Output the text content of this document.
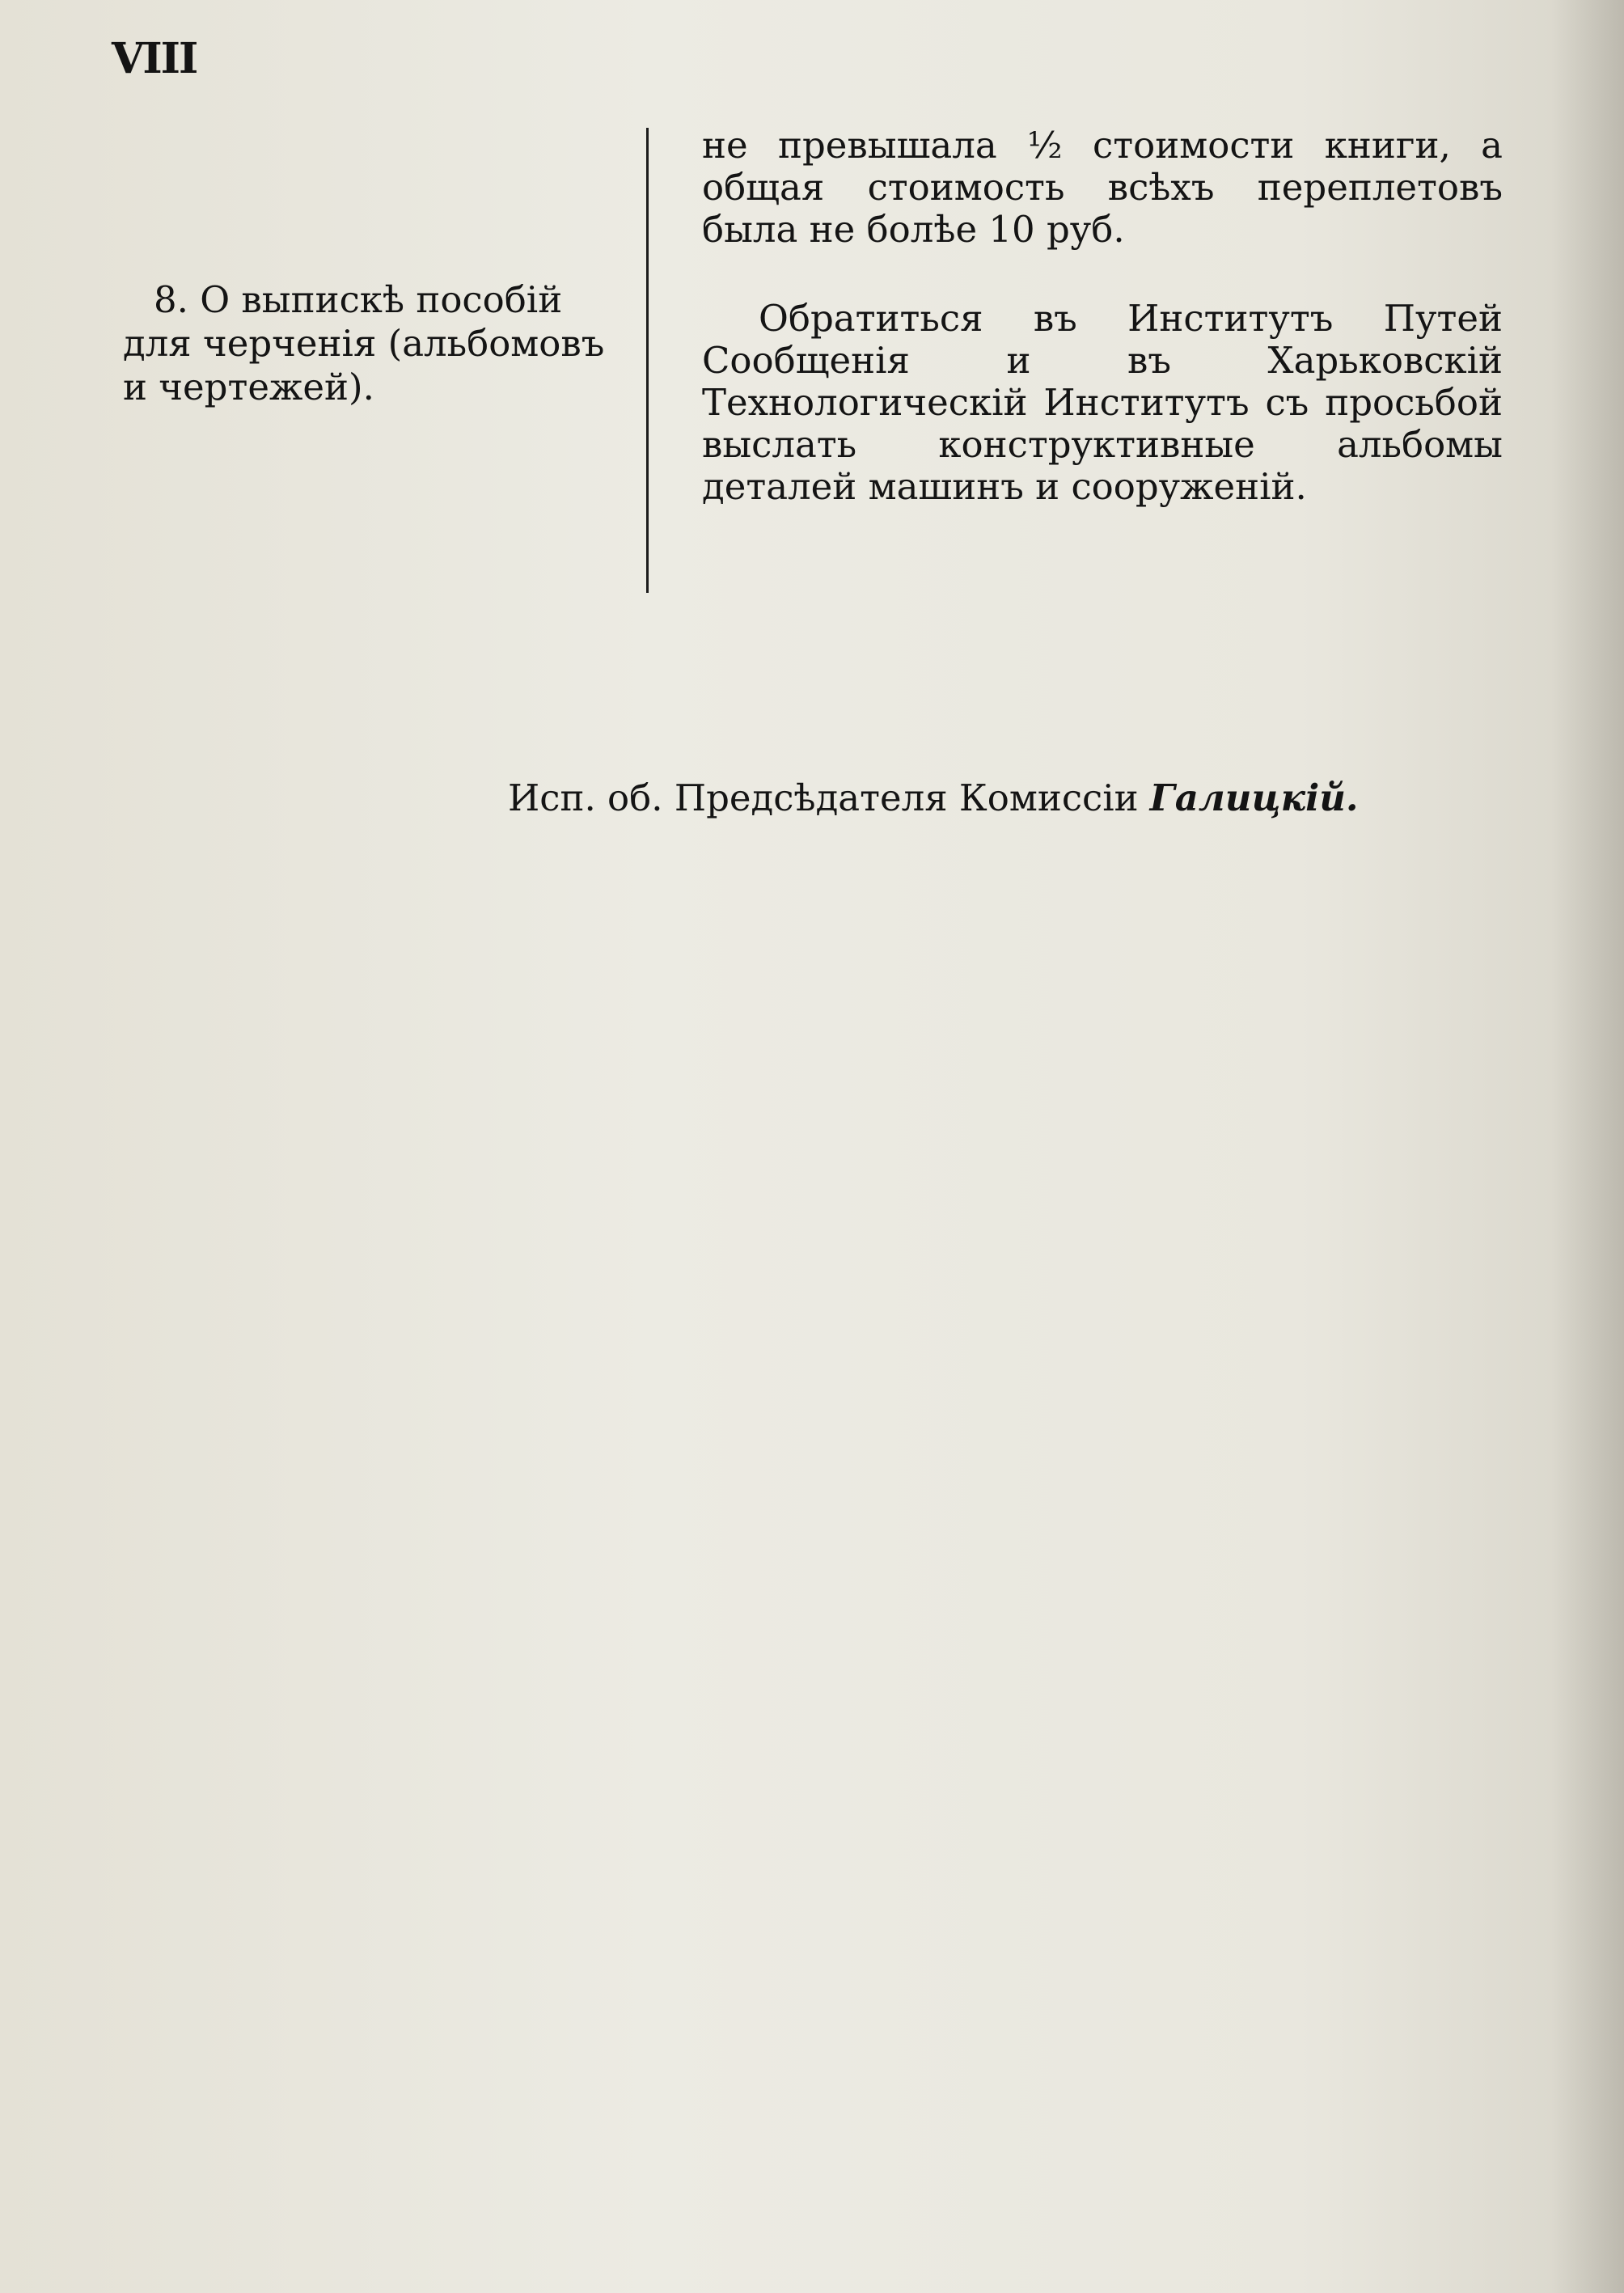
VIII

8. О выпискѣ пособій для черченія (альбомовъ и чертежей).

не превышала ½ стоимости книги, а общая стоимость всѣхъ переплетовъ была не болѣе 10 руб.

Обратиться въ Институтъ Путей Сообщенія и въ Харьковскій Технологическій Институтъ съ просьбой выслать конструктивные альбомы деталей машинъ и сооруженій.

Исп. об. Предсѣдателя Комиссіи Галицкій.
